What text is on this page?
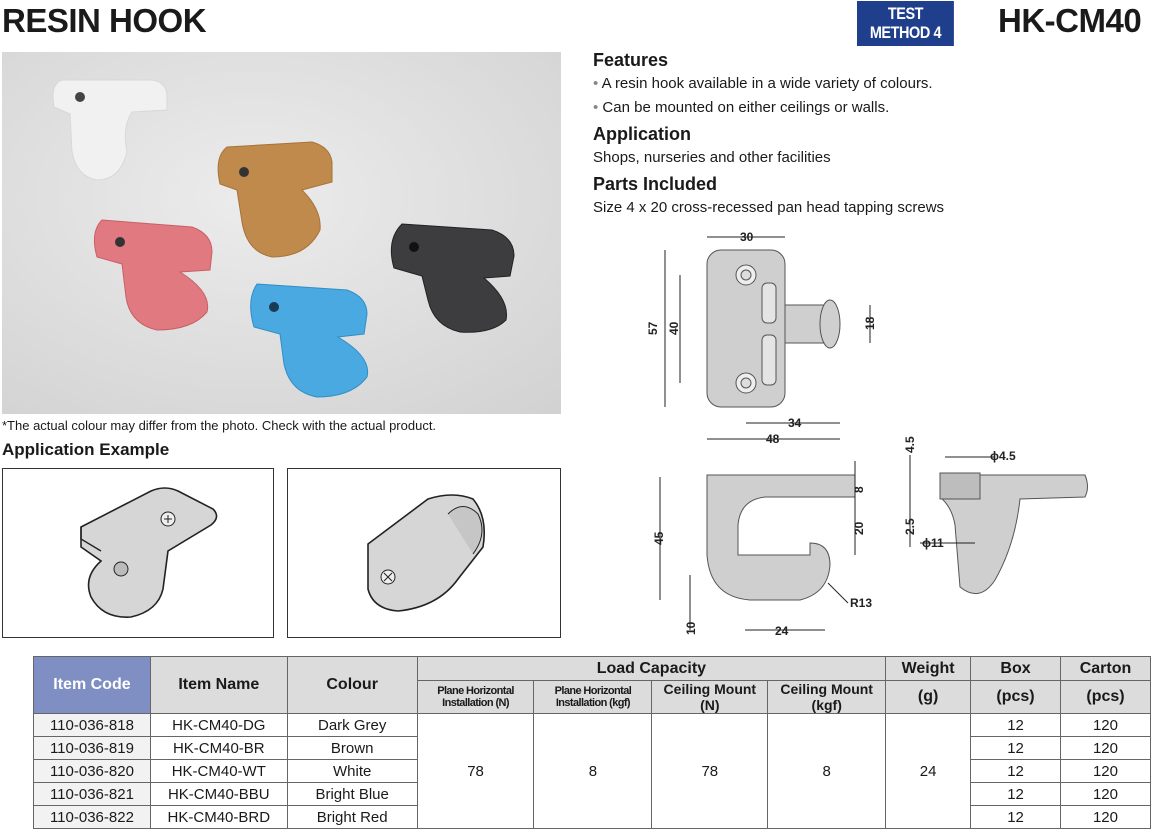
RESIN HOOK	TEST
METHOD 4	HK-CM40
*The actual colour may differ from the photo. Check with the actual product.
Application Example
Features
• A resin hook available in a wide variety of colours.
• Can be mounted on either ceilings or walls.
Application
Shops, nurseries and other facilities
Parts Included
Size 4 x 20 cross-recessed pan head tapping screws
30
57 40	18
34
48
45
8
20
10	24
R13
4.5
ϕ4.5
2.5
ϕ11
Item Code	Item Name	Colour	Load Capacity				Weight	Box	Carton
			Plane Horizontal Installation (N)	Plane Horizontal Installation (kgf)	Ceiling Mount (N)	Ceiling Mount (kgf)	(g)	(pcs)	(pcs)
110-036-818	HK-CM40-DG	Dark Grey	78	8	78	8	24	12	120
110-036-819	HK-CM40-BR	Brown						12	120
110-036-820	HK-CM40-WT	White						12	120
110-036-821	HK-CM40-BBU	Bright Blue						12	120
110-036-822	HK-CM40-BRD	Bright Red						12	120
